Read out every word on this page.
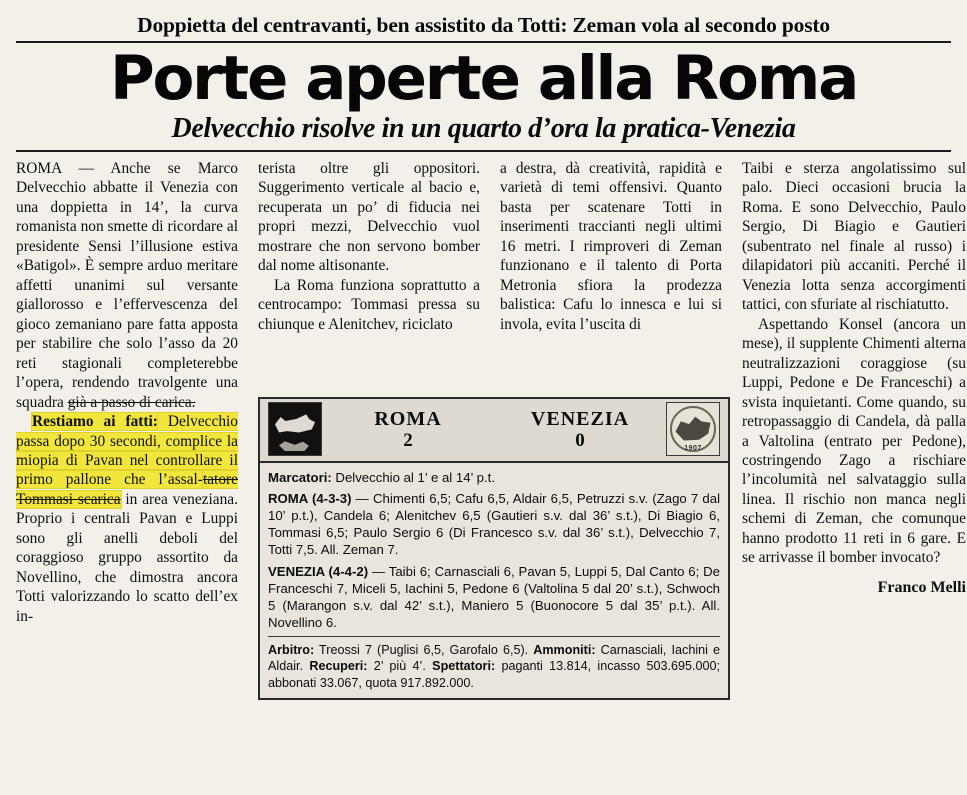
Doppietta del centravanti, ben assistito da Totti: Zeman vola al secondo posto
Porte aperte alla Roma
Delvecchio risolve in un quarto d’ora la pratica-Venezia

ROMA — Anche se Marco Delvecchio abbatte il Venezia con una doppietta in 14’, la curva romanista non smette di ricordare al presidente Sensi l’illusione estiva «Batigol». È sempre arduo meritare affetti unanimi sul versante giallorosso e l’effervescenza del gioco zemaniano pare fatta apposta per stabilire che solo l’asso da 20 reti stagionali completerebbe l’opera, rendendo travolgente una squadra già a passo di carica.

Restiamo ai fatti: Delvecchio passa dopo 30 secondi, complice la miopia di Pavan nel controllare il primo pallone che l’assal-tatore Tommasi scarica in area veneziana. Proprio i centrali Pavan e Luppi sono gli anelli deboli del coraggioso gruppo assortito da Novellino, che dimostra ancora Totti valorizzando lo scatto dell’ex in-

terista oltre gli oppositori. Suggerimento verticale al bacio e, recuperata un po’ di fiducia nei propri mezzi, Delvecchio vuol mostrare che non servono bomber dal nome altisonante.

La Roma funziona soprattutto a centrocampo: Tommasi pressa su chiunque e Alenitchev, riciclato

a destra, dà creatività, rapidità e varietà di temi offensivi. Quanto basta per scatenare Totti in inserimenti traccianti negli ultimi 16 metri. I rimproveri di Zeman funzionano e il talento di Porta Metronia sfiora la prodezza balistica: Cafu lo innesca e lui si invola, evita l’uscita di

Taibi e sterza angolatissimo sul palo. Dieci occasioni brucia la Roma. E sono Delvecchio, Paulo Sergio, Di Biagio e Gautieri (subentrato nel finale al russo) i dilapidatori più accaniti. Perché il Venezia lotta senza accorgimenti tattici, con sfuriate al rischiatutto.

Aspettando Konsel (ancora un mese), il supplente Chimenti alterna neutralizzazioni coraggiose (su Luppi, Pedone e De Franceschi) a svista inquietanti. Come quando, su retropassaggio di Candela, dà palla a Valtolina (entrato per Pedone), costringendo Zago a rischiare l’incolumità nel salvataggio sulla linea. Il rischio non manca negli schemi di Zeman, che comunque hanno prodotto 11 reti in 6 gare. E se arrivasse il bomber invocato?

Franco Melli
ROMA
2
VENEZIA
0	1907
Marcatori: Delvecchio al 1’ e al 14’ p.t.
ROMA (4-3-3) — Chimenti 6,5; Cafu 6,5, Aldair 6,5, Petruzzi s.v. (Zago 7 dal 10’ p.t.), Candela 6; Alenitchev 6,5 (Gautieri s.v. dal 36’ s.t.), Di Biagio 6, Tommasi 6,5; Paulo Sergio 6 (Di Francesco s.v. dal 36’ s.t.), Delvecchio 7, Totti 7,5. All. Zeman 7.
VENEZIA (4-4-2) — Taibi 6; Carnasciali 6, Pavan 5, Luppi 5, Dal Canto 6; De Franceschi 7, Miceli 5, Iachini 5, Pedone 6 (Valtolina 5 dal 20’ s.t.), Schwoch 5 (Marangon s.v. dal 42’ s.t.), Maniero 5 (Buonocore 5 dal 35’ p.t.). All. Novellino 6.
Arbitro: Treossi 7 (Puglisi 6,5, Garofalo 6,5). Ammoniti: Carnasciali, Iachini e Aldair. Recuperi: 2’ più 4’. Spettatori: paganti 13.814, incasso 503.695.000; abbonati 33.067, quota 917.892.000.
